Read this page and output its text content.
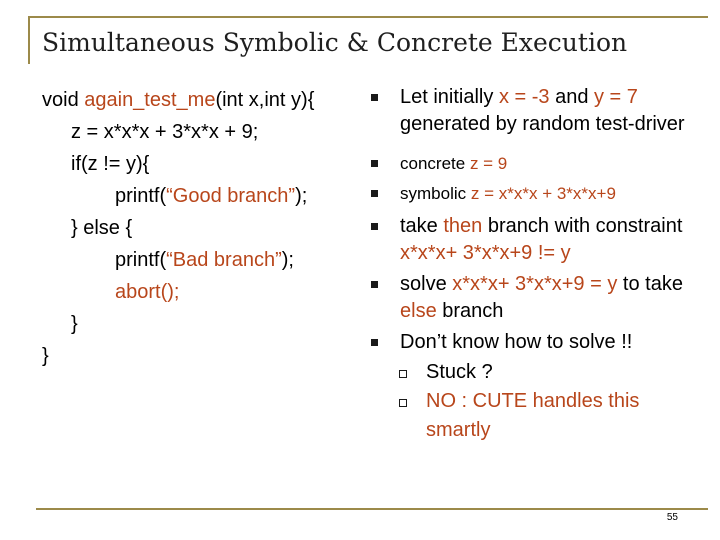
Simultaneous Symbolic & Concrete Execution
void again_test_me(int x,int y){
z = x*x*x + 3*x*x + 9;
if(z != y){
printf(“Good branch”);
} else {
printf(“Bad branch”);
abort();
}
}
Let initially x = -3 and y = 7 generated by random test-driver
concrete z = 9
symbolic z = x*x*x + 3*x*x+9
take then branch with constraint x*x*x+ 3*x*x+9 != y
solve x*x*x+ 3*x*x+9 = y to take else branch
Don’t know how to solve !!
Stuck ?
NO : CUTE handles this smartly
55
